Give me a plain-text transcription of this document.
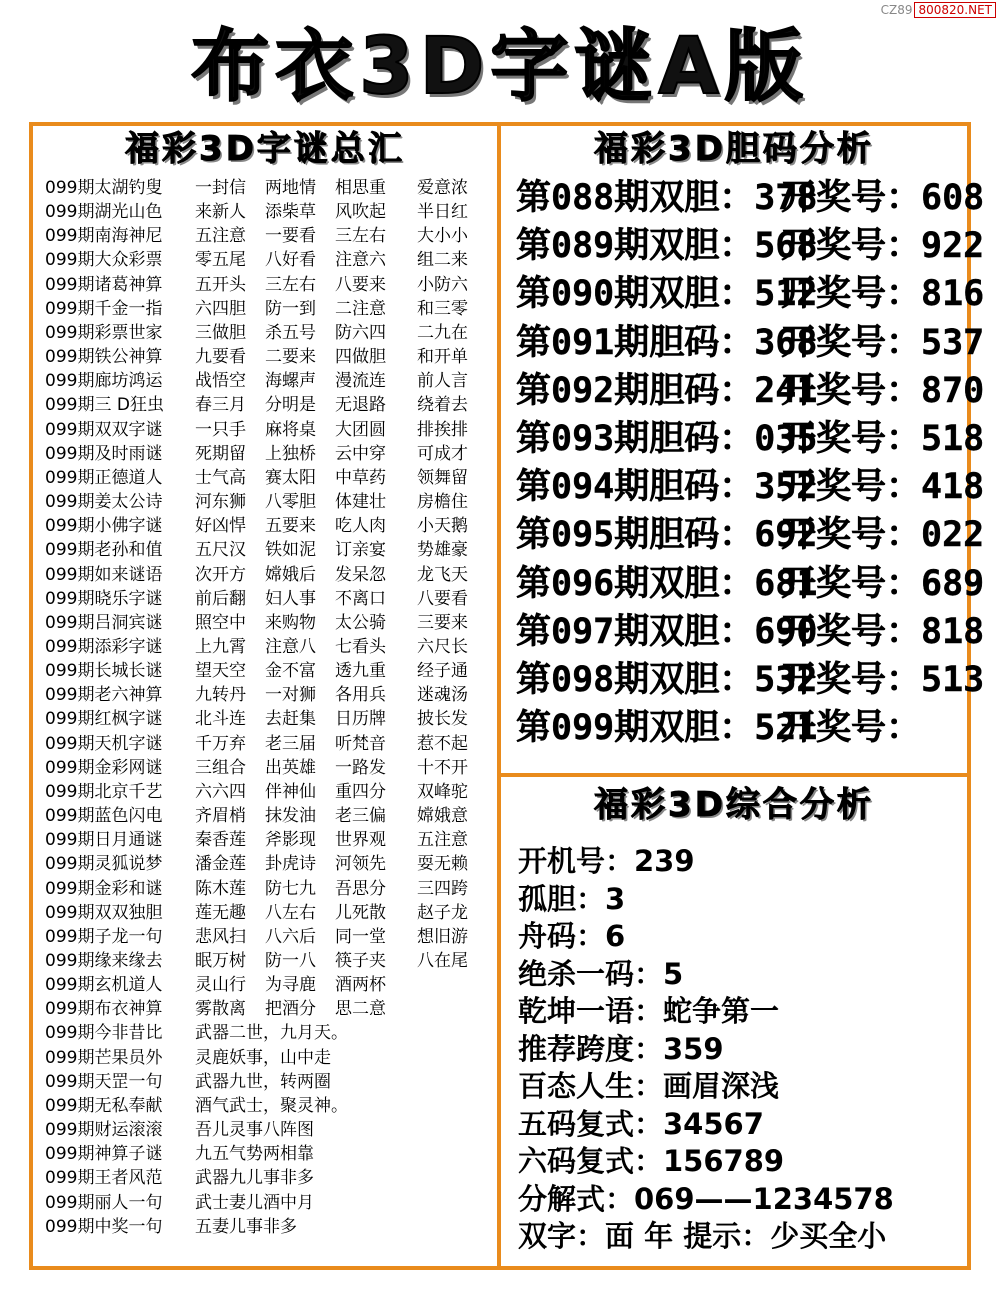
CZ89 800820.NET
布衣3D字谜A版
福彩3D字谜总汇
099期太湖钓叟	一封信	两地情	相思重	爱意浓
099期湖光山色	来新人	添柴草	风吹起	半日红
099期南海神尼	五注意	一要看	三左右	大小小
099期大众彩票	零五尾	八好看	注意六	组二来
099期诸葛神算	五开头	三左右	八要来	小防六
099期千金一指	六四胆	防一到	二注意	和三零
099期彩票世家	三做胆	杀五号	防六四	二九在
099期铁公神算	九要看	二要来	四做胆	和开单
099期廊坊鸿运	战悟空	海螺声	漫流连	前人言
099期三 D狂虫	春三月	分明是	无退路	绕着去
099期双双字谜	一只手	麻将桌	大团圆	排挨排
099期及时雨谜	死期留	上独桥	云中穿	可成才
099期正德道人	士气高	赛太阳	中草药	领舞留
099期姜太公诗	河东狮	八零胆	体建壮	房檐住
099期小佛字谜	好凶悍	五要来	吃人肉	小天鹅
099期老孙和值	五尺汉	铁如泥	订亲宴	势雄豪
099期如来谜语	次开方	嫦娥后	发呆忽	龙飞天
099期晓乐字谜	前后翻	妇人事	不离口	八要看
099期吕洞宾谜	照空中	来购物	太公骑	三要来
099期添彩字谜	上九霄	注意八	七看头	六尺长
099期长城长谜	望天空	金不富	透九重	经子通
099期老六神算	九转丹	一对狮	各用兵	迷魂汤
099期红枫字谜	北斗连	去赶集	日历牌	披长发
099期天机字谜	千万弃	老三届	听梵音	惹不起
099期金彩网谜	三组合	出英雄	一路发	十不开
099期北京千艺	六六四	伴神仙	重四分	双峰驼
099期蓝色闪电	齐眉梢	抹发油	老三偏	嫦娥意
099期日月通谜	秦香莲	斧影现	世界观	五注意
099期灵狐说梦	潘金莲	卦虎诗	河领先	耍无赖
099期金彩和谜	陈木莲	防七九	吾思分	三四跨
099期双双独胆	莲无趣	八左右	儿死散	赵子龙
099期子龙一句	悲风扫	八六后	同一堂	想旧游
099期缘来缘去	眠万树	防一八	筷子夹	八在尾
099期玄机道人	灵山行	为寻鹿	酒两杯
099期布衣神算	雾散离	把酒分	思二意
099期今非昔比	武器二世，九月天。
099期芒果员外	灵鹿妖事，山中走
099期天罡一句	武器九世，转两圈
099期无私奉献	酒气武士，聚灵神。
099期财运滚滚	吾儿灵事八阵图
099期神算子谜	九五气势两相靠
099期王者风范	武器九儿事非多
099期丽人一句	武士妻儿酒中月
099期中奖一句	五妻儿事非多
福彩3D胆码分析
第088期双胆：378
开奖号：608
第089期双胆：568
开奖号：922
第090期双胆：512
开奖号：816
第091期胆码：368
开奖号：537
第092期胆码：241
开奖号：870
第093期胆码：035
开奖号：518
第094期胆码：352
开奖号：418
第095期胆码：692
开奖号：022
第096期双胆：681
开奖号：689
第097期双胆：690
开奖号：818
第098期双胆：532
开奖号：513
第099期双胆：521
开奖号：
福彩3D综合分析
开机号：239
孤胆：3
舟码：6
绝杀一码：5
乾坤一语：蛇争第一
推荐跨度：359
百态人生：画眉深浅
五码复式：34567
六码复式：156789
分解式：069——1234578
双字：面 年 提示：少买全小
